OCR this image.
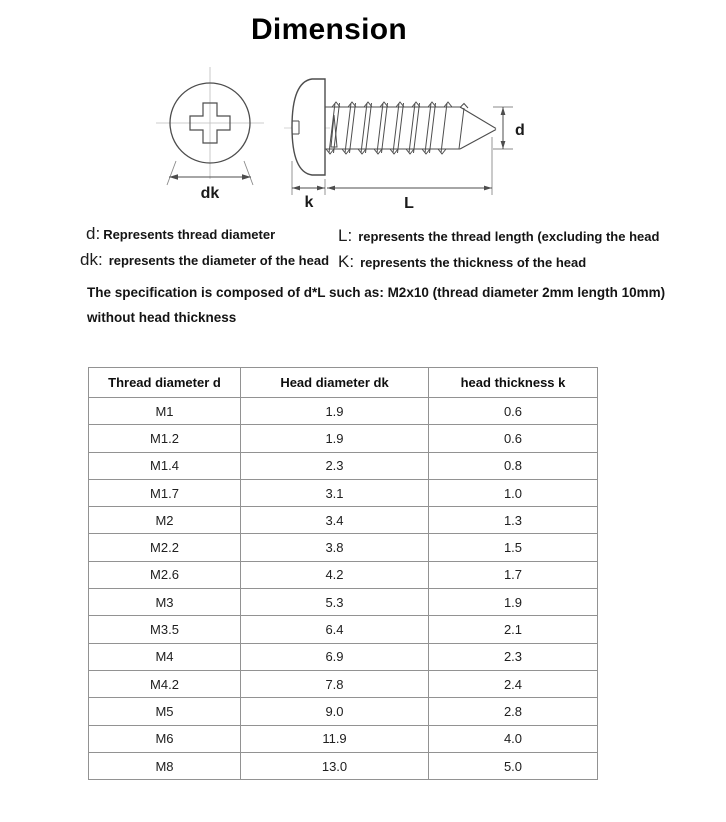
Dimension
dk
k	L
d
d: Represents thread diameter	L: represents the thread length (excluding the head
dk: represents the diameter of the head K: represents the thickness of the head
The specification is composed of d*L such as: M2x10 (thread diameter 2mm length 10mm)
without head thickness
Thread diameter d	Head diameter dk	head thickness k
M1	1.9	0.6
M1.2	1.9	0.6
M1.4	2.3	0.8
M1.7	3.1	1.0
M2	3.4	1.3
M2.2	3.8	1.5
M2.6	4.2	1.7
M3	5.3	1.9
M3.5	6.4	2.1
M4	6.9	2.3
M4.2	7.8	2.4
M5	9.0	2.8
M6	11.9	4.0
M8	13.0	5.0
